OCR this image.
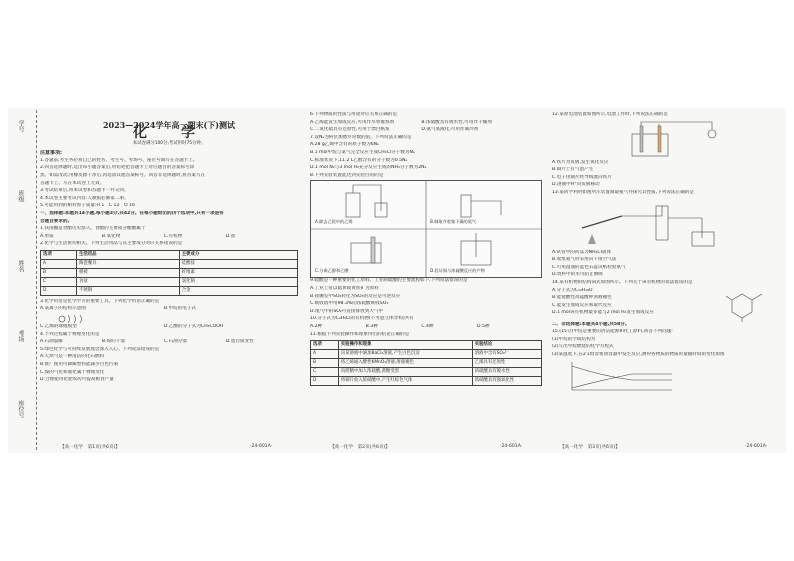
学号
班级
姓名
考场
座位号
2023—2024学年高一期末(下)测试
化　学
本试卷满分100分,考试用时75分钟。

注意事项:

1.答题前,考生务必将自己的姓名、考生号、考场号、座位号填写在答题卡上。

2.回答选择题时,选出每小题答案后,用铅笔把答题卡上对应题目的答案标号涂

黑。如需改动,用橡皮擦干净后,再选涂其他答案标号。回答非选择题时,将答案写在

答题卡上。写在本试卷上无效。

3.考试结束后,将本试卷和答题卡一并交回。

4.本试卷主要考试内容:人教版必修第二册。

5.可能用到的相对原子质量:H 1　C 12　O 16

一、选择题:本题共14小题,每小题3分,共42分。在每小题给出的四个选项中,只有一项是符

合题目要求的。

1.我国酿造食醋历史悠久。食醋的主要成分醋酸属于

A.单质	B.氧化物	C.有机物	D.盐

2.化学与生活密切相关。下列生活用品与其主要成分对应关系错误的是

选项	生活用品	主要成分
A	陶瓷餐具	硅酸盐
B	棉被	纤维素
C	食盐	氯化钠
D	不锈钢	合金

3.化学用语是化学学习的重要工具。下列化学用语正确的是

A.氯离子的结构示意图	B.甲烷的电子式

C.乙烯的球棍模型	D.乙酸的分子式为CH₃COOH

4.下列过程属于物理变化的是

A.石油裂解	B.煤的干馏	C.石油分馏	D.蛋白质变性

5.绿色化学与可持续发展理念深入人心。下列说法错误的是

A.天然气是一种清洁的化石燃料

B.推广使用可降解塑料能减少白色污染

C.煤的气化和液化属于物理变化

D.合理使用化肥农药可提高粮食产量

【高一化学　第1页(共6页)】	·24-601A·

6.下列物质的性质与用途对应关系正确的是

A.乙烯能发生加成反应,可用作水果催熟剂	B.浓硫酸具有吸水性,可用作干燥剂

C.二氧化硫具有还原性,可用于漂白纸浆	D.氨气易液化,可用作制冷剂

7.设Nₐ为阿伏加德罗常数的值。下列说法正确的是

A.28 g乙烯中含有的原子数为6Nₐ

B.1 mol甲烷与氯气完全反应生成CH₃Cl分子数为Nₐ

C.标准状况下,11.2 L乙醇含有的分子数为0.5Nₐ

D.1 mol N₂与3 mol H₂充分反应生成的NH₃分子数为2Nₐ

8.下列实验装置能达到实验目的的是

A.除去乙烷中的乙烯	B.制取并收集干燥的氨气
C.分离乙醇和乙酸	D.验证铜与浓硫酸反应的产物

9.硫酸是一种重要的化工原料。工业制硫酸的主要流程如下,下列说法错误的是

A.工业上常以硫黄或黄铁矿为原料

B.接触室中SO₂转化为SO₃的反应是可逆反应

C.吸收塔中用98.3%的浓硫酸吸收SO₃

D.尾气中的SO₂可直接排放到大气中

10.分子式为C₄H₉Cl的有机物(不考虑立体异构)共有

A.2种	B.3种	C.4种	D.5种

11.根据下列实验操作和现象得出的结论正确的是

选项	实验操作和现象	实验结论
A	向某溶液中滴加BaCl₂溶液,产生白色沉淀	溶液中含有SO₄²⁻
B	将乙烯通入酸性KMnO₄溶液,溶液褪色	乙烯具有还原性
C	向蔗糖中加入浓硫酸,蔗糖变黑	浓硫酸具有脱水性
D	将铜片放入浓硝酸中,产生红棕色气体	浓硝酸具有强氧化性
【高一化学　第2页(共6页)】	·24-601A·

12.某原电池装置如图所示,电池工作时,下列说法正确的是

A.铁片为负极,发生氧化反应

B.铜片上有气泡产生

C.电子由铜片经导线流向铁片

D.溶液中H⁺向负极移动

13.某同学利用如图所示装置制取氨气并探究其性质,下列说法正确的是

A.试管中的药品为NH₄Cl固体

B.收集氨气时采用向下排空气法

C.可用湿润的蓝色石蕊试纸检验氨气

D.烧杯中的水可防止倒吸

14.某有机物的结构简式如图所示。下列关于该有机物的说法错误的是

A.分子式为C₁₀H₁₈O

B.能使酸性高锰酸钾溶液褪色

C.能发生加成反应和取代反应

D.1 mol该有机物最多能与2 mol H₂发生加成反应

二、非选择题:本题共4小题,共58分。

15.(15分)甲烷是重要的清洁能源和化工原料,回答下列问题:

(1)甲烷的空间结构为

(2)写出甲烷燃烧的化学方程式

(3)某温度下,在2 L恒容密闭容器中发生反应,测得各物质的物质的量随时间的变化如图

【高一化学　第3页(共6页)】	·24-601A·
